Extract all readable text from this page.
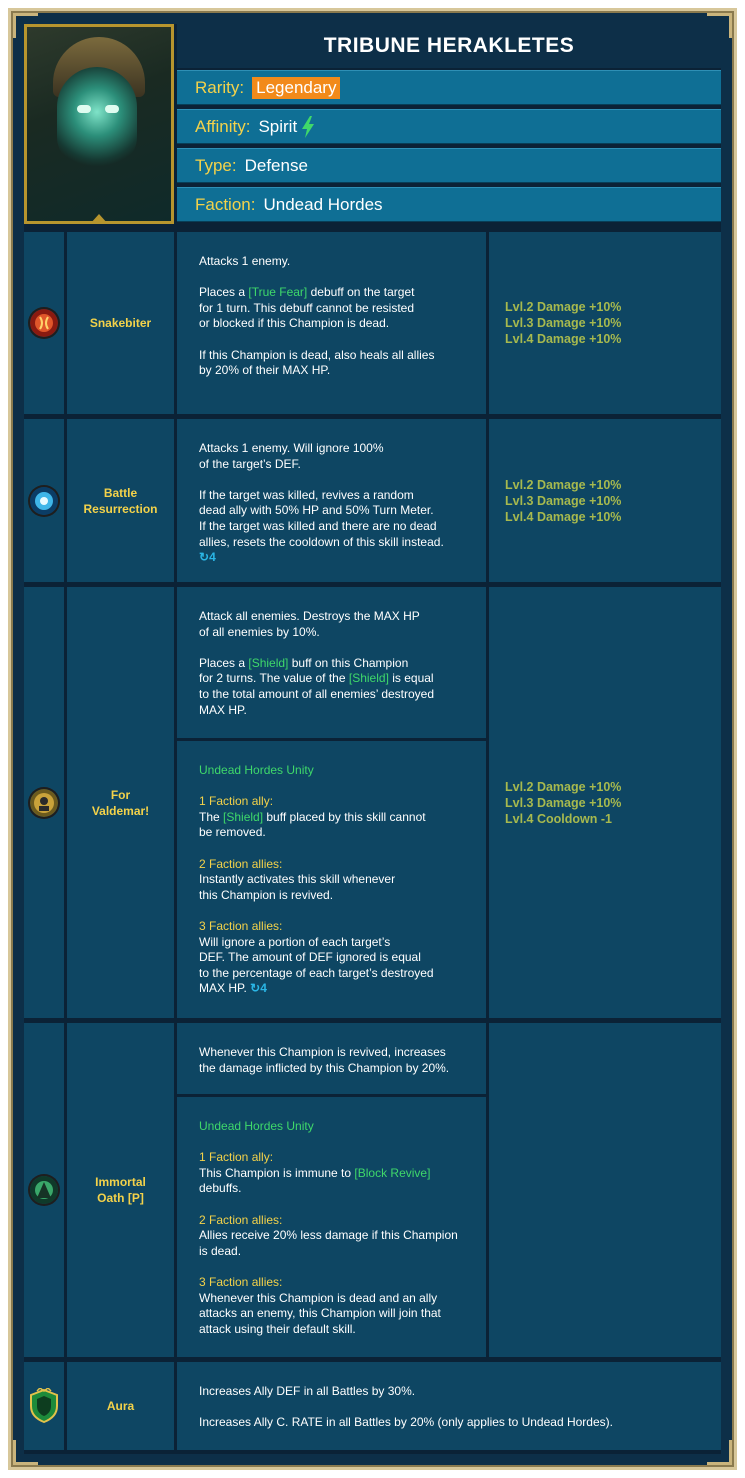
TRIBUNE HERAKLETES
Rarity: Legendary
Affinity: Spirit
Type: Defense
Faction: Undead Hordes
Snakebiter

Attacks 1 enemy.

Places a [True Fear] debuff on the target
for 1 turn. This debuff cannot be resisted
or blocked if this Champion is dead.

If this Champion is dead, also heals all allies
by 20% of their MAX HP.

Lvl.2 Damage +10%
Lvl.3 Damage +10%
Lvl.4 Damage +10%
Battle Resurrection

Attacks 1 enemy. Will ignore 100%
of the target’s DEF.

If the target was killed, revives a random
dead ally with 50% HP and 50% Turn Meter.
If the target was killed and there are no dead
allies, resets the cooldown of this skill instead.

↻4
Lvl.2 Damage +10%
Lvl.3 Damage +10%
Lvl.4 Damage +10%
For Valdemar!

Attack all enemies. Destroys the MAX HP
of all enemies by 10%.

Places a [Shield] buff on this Champion
for 2 turns. The value of the [Shield] is equal
to the total amount of all enemies’ destroyed
MAX HP.

Undead Hordes Unity

1 Faction ally:
The [Shield] buff placed by this skill cannot
be removed.

2 Faction allies:
Instantly activates this skill whenever
this Champion is revived.

3 Faction allies:
Will ignore a portion of each target’s
DEF. The amount of DEF ignored is equal
to the percentage of each target’s destroyed
MAX HP. ↻4

Lvl.2 Damage +10%
Lvl.3 Damage +10%
Lvl.4 Cooldown -1
Immortal Oath [P]

Whenever this Champion is revived, increases
the damage inflicted by this Champion by 20%.

Undead Hordes Unity

1 Faction ally:
This Champion is immune to [Block Revive]
debuffs.

2 Faction allies:
Allies receive 20% less damage if this Champion
is dead.

3 Faction allies:
Whenever this Champion is dead and an ally
attacks an enemy, this Champion will join that
attack using their default skill.

Aura

Increases Ally DEF in all Battles by 30%.

Increases Ally C. RATE in all Battles by 20% (only applies to Undead Hordes).
